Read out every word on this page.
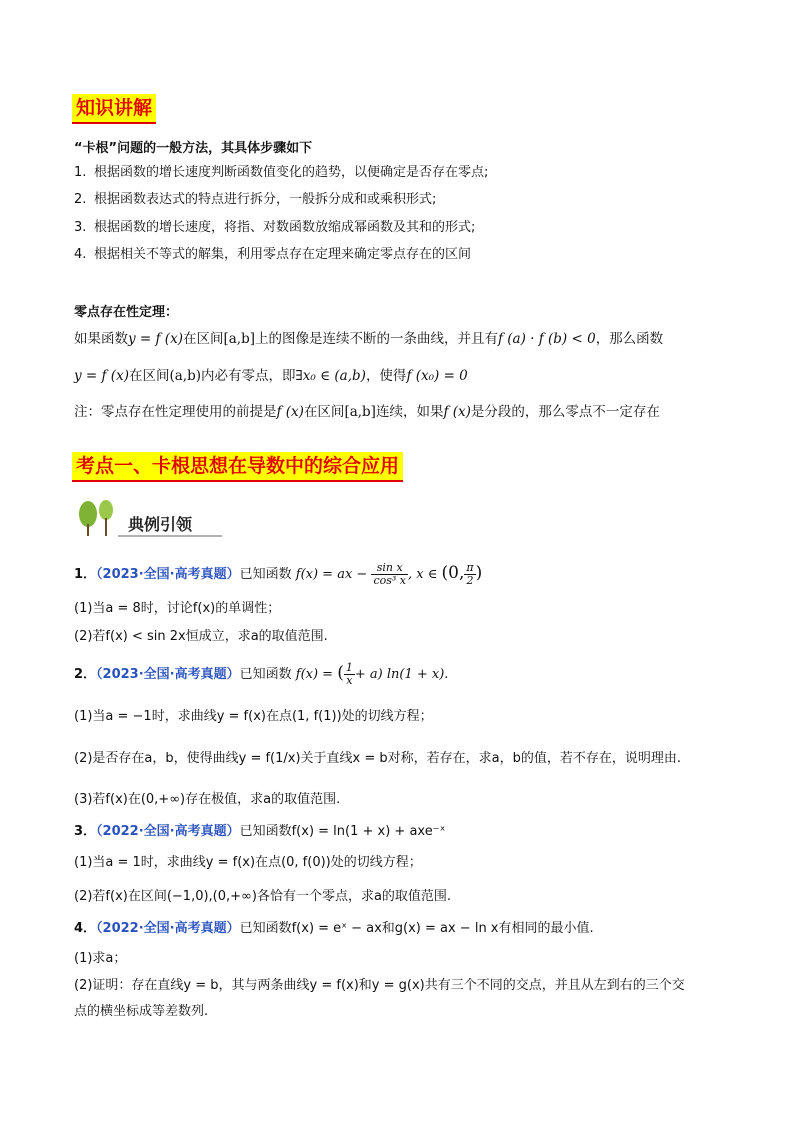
知识讲解
“卡根”问题的一般方法，其具体步骤如下
1. 根据函数的增长速度判断函数值变化的趋势，以便确定是否存在零点;
2. 根据函数表达式的特点进行拆分，一般拆分成和或乘积形式;
3. 根据函数的增长速度，将指、对数函数放缩成幂函数及其和的形式;
4. 根据相关不等式的解集，利用零点存在定理来确定零点存在的区间
零点存在性定理：
如果函数y = f (x)在区间[a,b]上的图像是连续不断的一条曲线，并且有f (a) · f (b) < 0，那么函数
y = f (x)在区间(a,b)内必有零点，即∃x₀ ∈ (a,b)，使得f (x₀) = 0
注：零点存在性定理使用的前提是f (x)在区间[a,b]连续，如果f (x)是分段的，那么零点不一定存在
考点一、卡根思想在导数中的综合应用
典例引领
1．（2023·全国·高考真题）已知函数 f(x) = ax − $\frac{\text{sin x}}{\text{cos³ x}}$ , x ∈ (0, $\frac{\pi}{2}$ )
(1)当a = 8时，讨论f(x)的单调性；
(2)若f(x) < sin 2x恒成立，求a的取值范围.
2．（2023·全国·高考真题）已知函数 f(x) = ( $\frac{1}{x} + a$) ln(1 + x).
(1)当a = −1时，求曲线y = f(x)在点(1, f(1))处的切线方程；
(2)是否存在a，b，使得曲线y = f(1/x)关于直线x = b对称，若存在，求a，b的值，若不存在，说明理由.
(3)若f(x)在(0,+∞)存在极值，求a的取值范围.
3．（2022·全国·高考真题）已知函数f(x) = ln(1 + x) + axe⁻ˣ
(1)当a = 1时，求曲线y = f(x)在点(0, f(0))处的切线方程；
(2)若f(x)在区间(−1,0),(0,+∞)各恰有一个零点，求a的取值范围.
4．（2022·全国·高考真题）已知函数f(x) = eˣ − ax和g(x) = ax − ln x有相同的最小值.
(1)求a；
(2)证明：存在直线y = b，其与两条曲线y = f(x)和y = g(x)共有三个不同的交点，并且从左到右的三个交
点的横坐标成等差数列.
